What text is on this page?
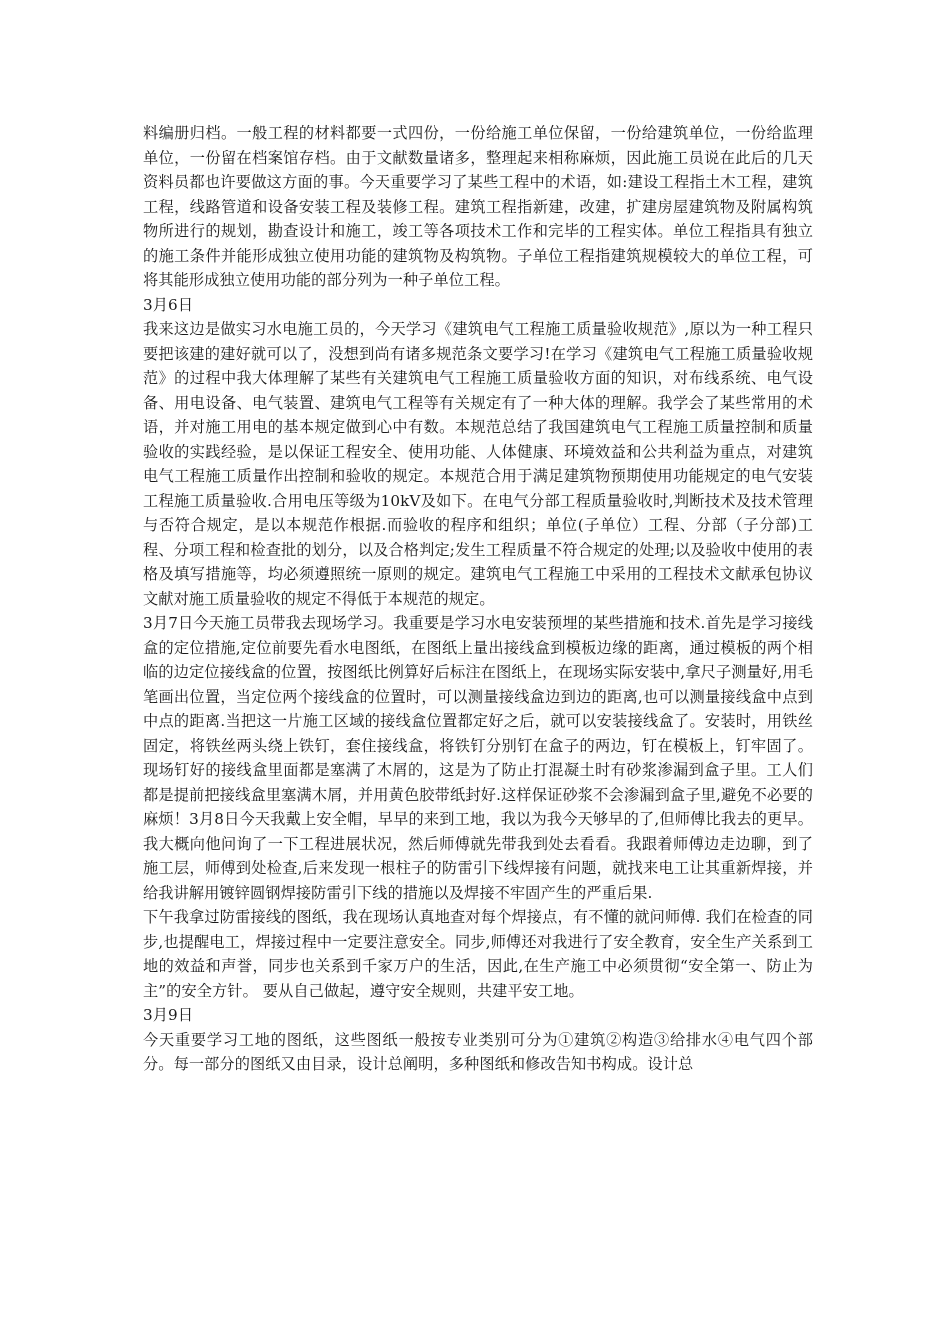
料编册归档。一般工程的材料都要一式四份，一份给施工单位保留，一份给建筑单位，一份给监理单位，一份留在档案馆存档。由于文献数量诸多，整理起来相称麻烦，因此施工员说在此后的几天资料员都也许要做这方面的事。今天重要学习了某些工程中的术语，如:建设工程指土木工程，建筑工程，线路管道和设备安装工程及装修工程。建筑工程指新建，改建，扩建房屋建筑物及附属构筑物所进行的规划，勘查设计和施工，竣工等各项技术工作和完毕的工程实体。单位工程指具有独立的施工条件并能形成独立使用功能的建筑物及构筑物。子单位工程指建筑规模较大的单位工程，可将其能形成独立使用功能的部分列为一种子单位工程。

3月6日

我来这边是做实习水电施工员的，今天学习《建筑电气工程施工质量验收规范》,原以为一种工程只要把该建的建好就可以了，没想到尚有诸多规范条文要学习!在学习《建筑电气工程施工质量验收规范》的过程中我大体理解了某些有关建筑电气工程施工质量验收方面的知识，对布线系统、电气设备、用电设备、电气装置、建筑电气工程等有关规定有了一种大体的理解。我学会了某些常用的术语，并对施工用电的基本规定做到心中有数。本规范总结了我国建筑电气工程施工质量控制和质量验收的实践经验，是以保证工程安全、使用功能、人体健康、环境效益和公共利益为重点，对建筑电气工程施工质量作出控制和验收的规定。本规范合用于满足建筑物预期使用功能规定的电气安装工程施工质量验收.合用电压等级为10kV及如下。在电气分部工程质量验收时,判断技术及技术管理与否符合规定，是以本规范作根据.而验收的程序和组织；单位(子单位）工程、分部（子分部)工程、分项工程和检查批的划分，以及合格判定;发生工程质量不符合规定的处理;以及验收中使用的表格及填写措施等，均必须遵照统一原则的规定。建筑电气工程施工中采用的工程技术文献承包协议文献对施工质量验收的规定不得低于本规范的规定。

3月7日今天施工员带我去现场学习。我重要是学习水电安装预埋的某些措施和技术.首先是学习接线盒的定位措施,定位前要先看水电图纸，在图纸上量出接线盒到模板边缘的距离，通过模板的两个相临的边定位接线盒的位置，按图纸比例算好后标注在图纸上，在现场实际安装中,拿尺子测量好,用毛笔画出位置，当定位两个接线盒的位置时，可以测量接线盒边到边的距离,也可以测量接线盒中点到中点的距离.当把这一片施工区域的接线盒位置都定好之后，就可以安装接线盒了。安装时，用铁丝固定，将铁丝两头绕上铁钉，套住接线盒，将铁钉分别钉在盒子的两边，钉在模板上，钉牢固了。现场钉好的接线盒里面都是塞满了木屑的，这是为了防止打混凝土时有砂浆渗漏到盒子里。工人们都是提前把接线盒里塞满木屑，并用黄色胶带纸封好.这样保证砂浆不会渗漏到盒子里,避免不必要的麻烦！3月8日今天我戴上安全帽，早早的来到工地，我以为我今天够早的了,但师傅比我去的更早。我大概向他问询了一下工程进展状况，然后师傅就先带我到处去看看。我跟着师傅边走边聊，到了施工层，师傅到处检查,后来发现一根柱子的防雷引下线焊接有问题，就找来电工让其重新焊接，并给我讲解用镀锌圆钢焊接防雷引下线的措施以及焊接不牢固产生的严重后果.

下午我拿过防雷接线的图纸，我在现场认真地查对每个焊接点，有不懂的就问师傅. 我们在检查的同步,也提醒电工，焊接过程中一定要注意安全。同步,师傅还对我进行了安全教育，安全生产关系到工地的效益和声誉，同步也关系到千家万户的生活，因此,在生产施工中必须贯彻“安全第一、防止为主”的安全方针。 要从自己做起，遵守安全规则，共建平安工地。

3月9日

今天重要学习工地的图纸，这些图纸一般按专业类别可分为①建筑②构造③给排水④电气四个部分。每一部分的图纸又由目录，设计总阐明，多种图纸和修改告知书构成。设计总
